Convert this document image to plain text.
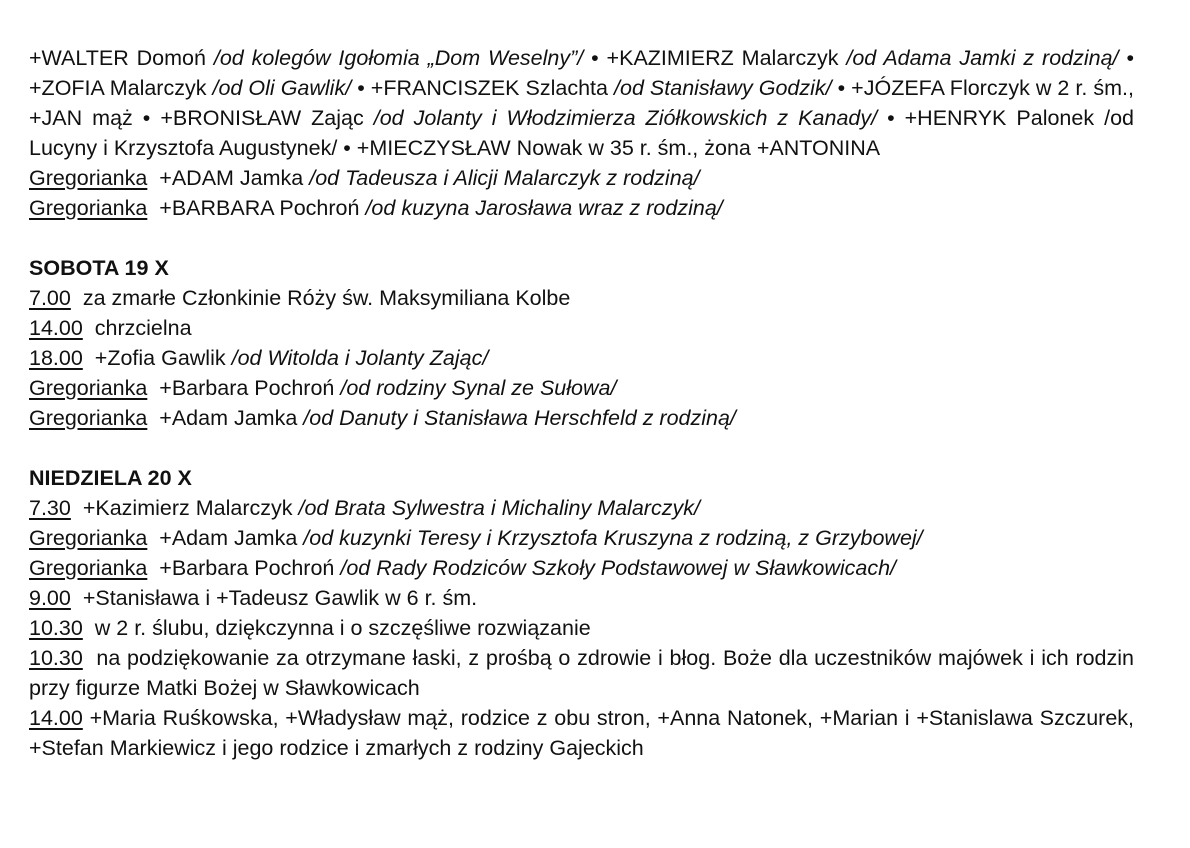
+WALTER Domoń /od kolegów Igołomia „Dom Weselny”/ • +KAZIMIERZ Malarczyk /od Adama Jamki z rodziną/ • +ZOFIA Malarczyk /od Oli Gawlik/ • +FRANCISZEK Szlachta /od Stanisławy Godzik/ • +JÓZEFA Florczyk w 2 r. śm., +JAN mąż • +BRONISŁAW Zając /od Jolanty i Włodzimierza Ziółkowskich z Kanady/ • +HENRYK Palonek /od Lucyny i Krzysztofa Augustynek/ • +MIECZYSŁAW Nowak w 35 r. śm., żona +ANTONINA
Gregorianka +ADAM Jamka /od Tadeusza i Alicji Malarczyk z rodziną/
Gregorianka +BARBARA Pochroń /od kuzyna Jarosława wraz z rodziną/
SOBOTA 19 X
7.00 za zmarłe Członkinie Róży św. Maksymiliana Kolbe
14.00 chrzcielna
18.00 +Zofia Gawlik /od Witolda i Jolanty Zając/
Gregorianka +Barbara Pochroń /od rodziny Synal ze Sułowa/
Gregorianka +Adam Jamka /od Danuty i Stanisława Herschfeld z rodziną/
NIEDZIELA 20 X
7.30 +Kazimierz Malarczyk /od Brata Sylwestra i Michaliny Malarczyk/
Gregorianka  +Adam Jamka /od kuzynki Teresy i Krzysztofa Kruszyna z rodziną, z Grzybowej/
Gregorianka +Barbara Pochroń /od Rady Rodziców Szkoły Podstawowej w Sławkowicach/
9.00 +Stanisława i +Tadeusz Gawlik w 6 r. śm.
10.30 w 2 r. ślubu, dziękczynna i o szczęśliwe rozwiązanie
10.30 na podziękowanie za otrzymane łaski, z prośbą o zdrowie i błog. Boże dla uczestników majówek i ich rodzin przy figurze Matki Bożej w Sławkowicach
14.00 +Maria Ruśkowska, +Władysław mąż, rodzice z obu stron, +Anna Natonek, +Marian i +Stanislawa Szczurek, +Stefan Markiewicz i jego rodzice i zmarłych z rodziny Gajeckich
